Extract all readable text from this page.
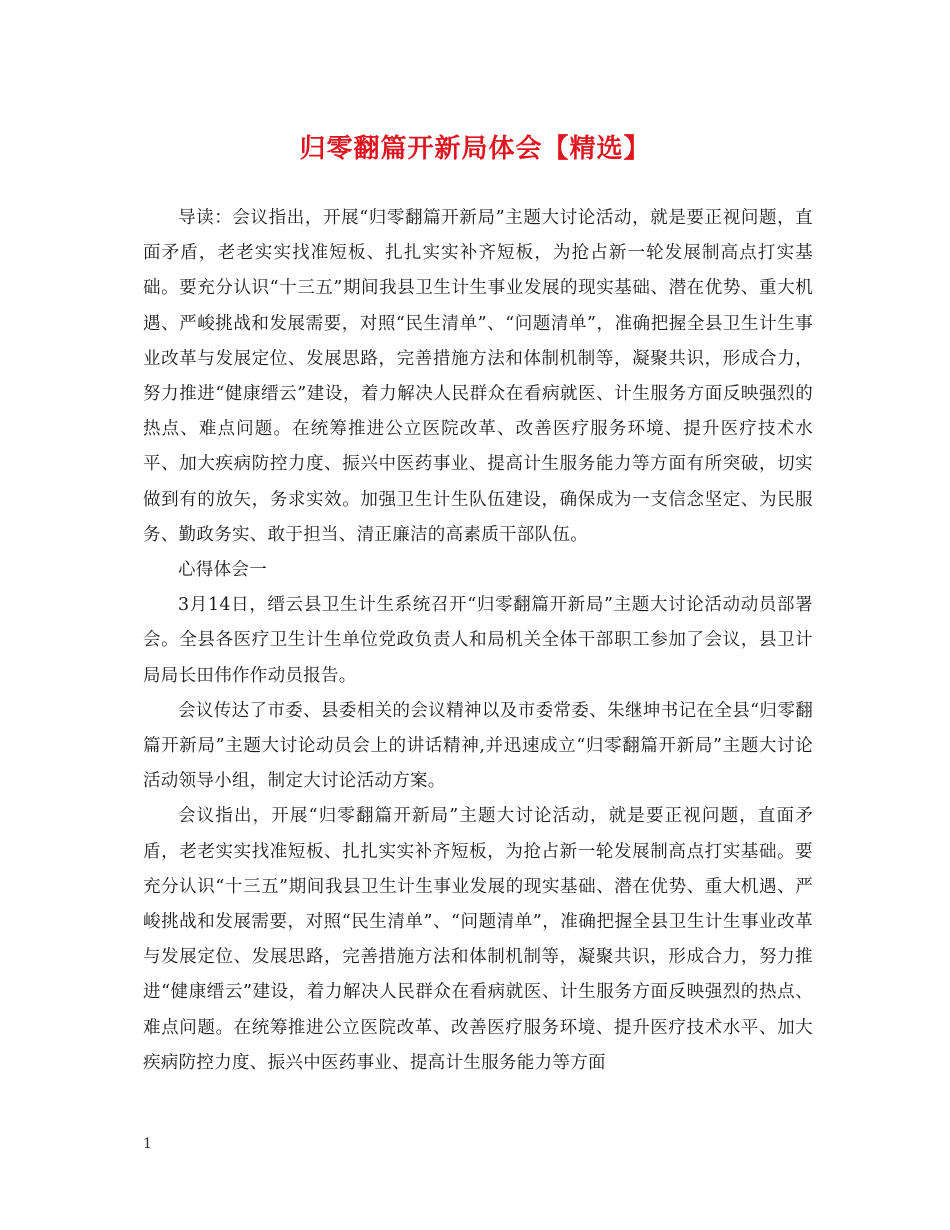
归零翻篇开新局体会【精选】

导读：会议指出，开展“归零翻篇开新局”主题大讨论活动，就是要正视问题，直面矛盾，老老实实找准短板、扎扎实实补齐短板，为抢占新一轮发展制高点打实基础。要充分认识“十三五”期间我县卫生计生事业发展的现实基础、潜在优势、重大机遇、严峻挑战和发展需要，对照“民生清单”、“问题清单”，准确把握全县卫生计生事业改革与发展定位、发展思路，完善措施方法和体制机制等，凝聚共识，形成合力，努力推进“健康缙云”建设，着力解决人民群众在看病就医、计生服务方面反映强烈的热点、难点问题。在统筹推进公立医院改革、改善医疗服务环境、提升医疗技术水平、加大疾病防控力度、振兴中医药事业、提高计生服务能力等方面有所突破，切实做到有的放矢，务求实效。加强卫生计生队伍建设，确保成为一支信念坚定、为民服务、勤政务实、敢于担当、清正廉洁的高素质干部队伍。

心得体会一

3月14日，缙云县卫生计生系统召开“归零翻篇开新局”主题大讨论活动动员部署会。全县各医疗卫生计生单位党政负责人和局机关全体干部职工参加了会议，县卫计局局长田伟作作动员报告。

会议传达了市委、县委相关的会议精神以及市委常委、朱继坤书记在全县“归零翻篇开新局”主题大讨论动员会上的讲话精神,并迅速成立“归零翻篇开新局”主题大讨论活动领导小组，制定大讨论活动方案。

会议指出，开展“归零翻篇开新局”主题大讨论活动，就是要正视问题，直面矛盾，老老实实找准短板、扎扎实实补齐短板，为抢占新一轮发展制高点打实基础。要充分认识“十三五”期间我县卫生计生事业发展的现实基础、潜在优势、重大机遇、严峻挑战和发展需要，对照“民生清单”、“问题清单”，准确把握全县卫生计生事业改革与发展定位、发展思路，完善措施方法和体制机制等，凝聚共识，形成合力，努力推进“健康缙云”建设，着力解决人民群众在看病就医、计生服务方面反映强烈的热点、难点问题。在统筹推进公立医院改革、改善医疗服务环境、提升医疗技术水平、加大疾病防控力度、振兴中医药事业、提高计生服务能力等方面

1
